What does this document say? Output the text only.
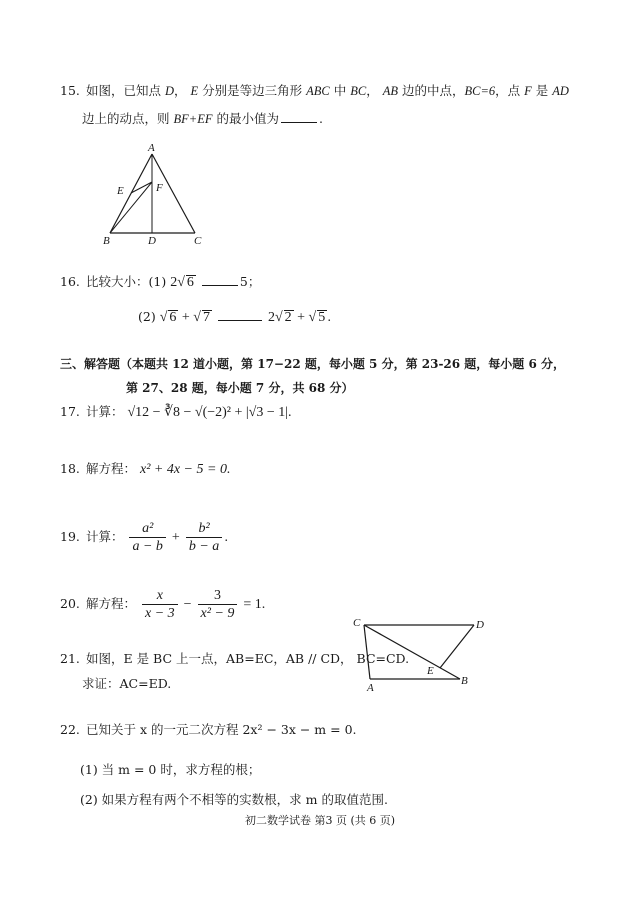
15. 如图，已知点 D， E 分别是等边三角形 ABC 中 BC， AB 边的中点，BC=6，点 F 是 AD
边上的动点，则 BF+EF 的最小值为	.
A
E	F
B	D	C
16. 比较大小：(1) 2√ 6	5；
(2) √ 6 + √ 7	2√ 2 + √ 5 .
三、解答题（本题共 12 道小题，第 17−22 题，每小题 5 分，第 23-26 题，每小题 6 分，
第 27、28 题，每小题 7 分，共 68 分）
17. 计算： √12 − ∛8 − √(−2)² + |√3 − 1|.
18. 解方程： x² + 4x − 5 = 0.
19. 计算： $\frac{\text{a²}}{a - b} + \frac{\text{b²}}{b - a}$ .
20. 解方程： $\frac{x}{x - 3} - \frac{3}{\text{x² − 9}} = 1$.
21. 如图，E 是 BC 上一点，AB=EC，AB // CD， BC=CD.
求证：AC=ED.
C	D
E
B
A
22. 已知关于 x 的一元二次方程 2x² − 3x − m = 0.
(1) 当 m = 0 时，求方程的根；
(2) 如果方程有两个不相等的实数根，求 m 的取值范围.
初二数学试卷 第3 页 (共 6 页)
